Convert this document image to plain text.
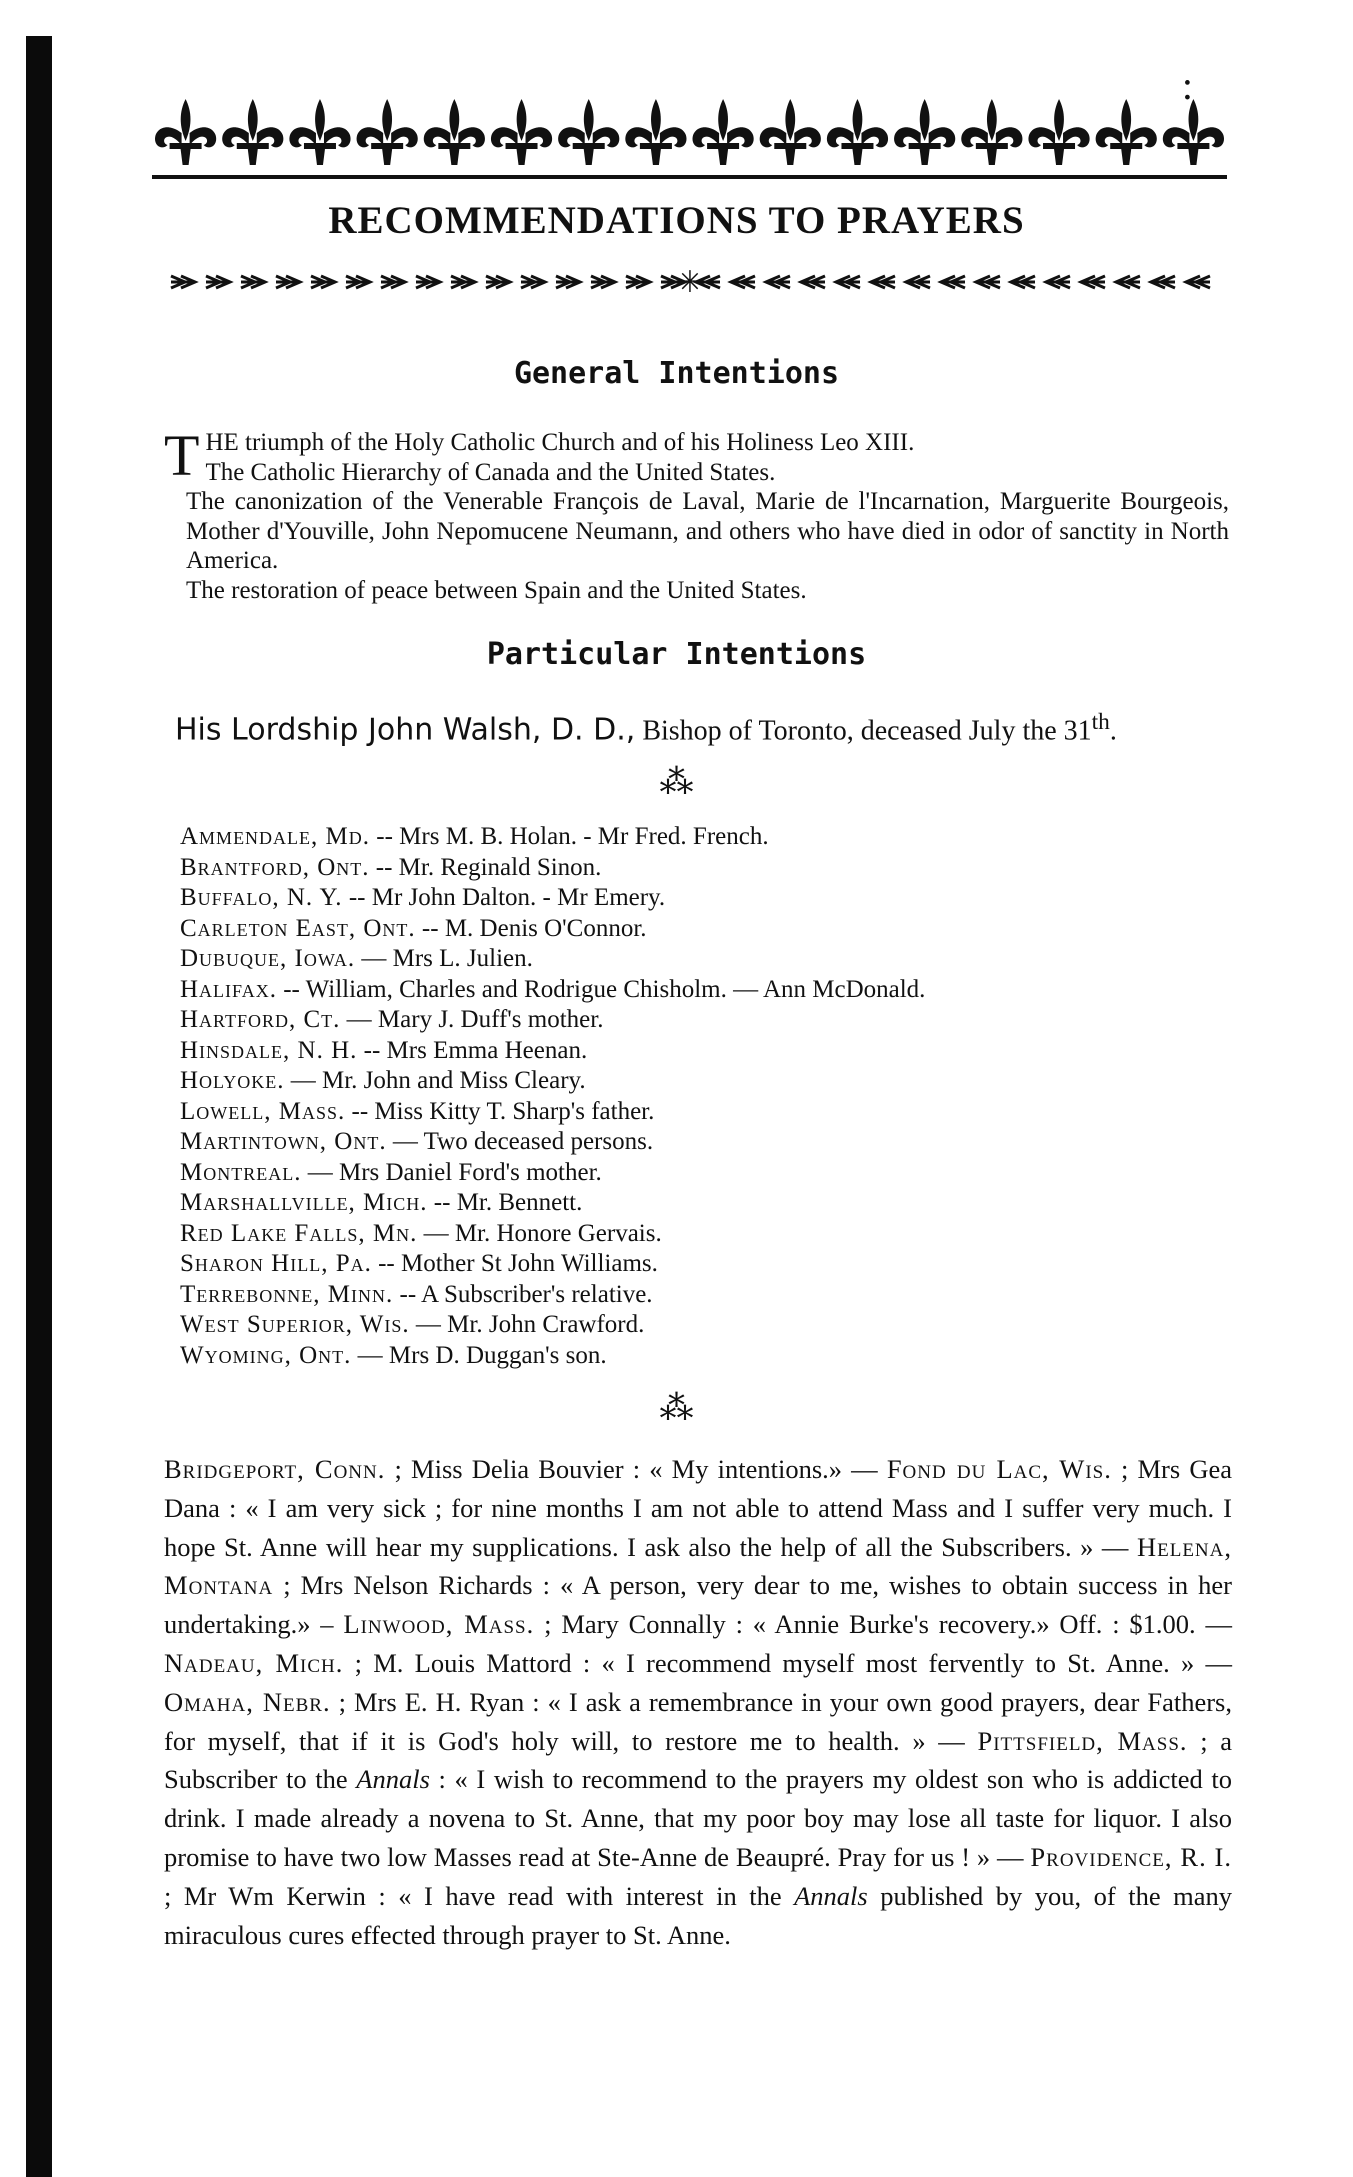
:
RECOMMENDATIONS TO PRAYERS
✳
General Intentions

THE triumph of the Holy Catholic Church and of his Holiness Leo XIII.

The Catholic Hierarchy of Canada and the United States.

The canonization of the Venerable François de Laval, Marie de l'Incarnation, Marguerite Bourgeois, Mother d'Youville, John Nepomucene Neumann, and others who have died in odor of sanctity in North America.

The restoration of peace between Spain and the United States.

Particular Intentions
His Lordship John Walsh, D. D., Bishop of Toronto, deceased July the 31th.
⁂
Ammendale, Md. -- Mrs M. B. Holan. - Mr Fred. French.
Brantford, Ont. -- Mr. Reginald Sinon.
Buffalo, N. Y. -- Mr John Dalton. - Mr Emery.
Carleton East, Ont. -- M. Denis O'Connor.
Dubuque, Iowa. — Mrs L. Julien.
Halifax. -- William, Charles and Rodrigue Chisholm. — Ann McDonald.
Hartford, Ct. — Mary J. Duff's mother.
Hinsdale, N. H. -- Mrs Emma Heenan.
Holyoke. — Mr. John and Miss Cleary.
Lowell, Mass. -- Miss Kitty T. Sharp's father.
Martintown, Ont. — Two deceased persons.
Montreal. — Mrs Daniel Ford's mother.
Marshallville, Mich. -- Mr. Bennett.
Red Lake Falls, Mn. — Mr. Honore Gervais.
Sharon Hill, Pa. -- Mother St John Williams.
Terrebonne, Minn. -- A Subscriber's relative.
West Superior, Wis. — Mr. John Crawford.
Wyoming, Ont. — Mrs D. Duggan's son.
⁂

Bridgeport, Conn. ; Miss Delia Bouvier : « My intentions.» — Fond du Lac, Wis. ; Mrs Gea Dana : « I am very sick ; for nine months I am not able to attend Mass and I suffer very much. I hope St. Anne will hear my supplications. I ask also the help of all the Subscribers. » — Helena, Montana ; Mrs Nelson Richards : « A person, very dear to me, wishes to obtain success in her undertaking.» – Linwood, Mass. ; Mary Connally : « Annie Burke's recovery.» Off. : $1.00. —Nadeau, Mich. ; M. Louis Mattord : « I recommend myself most fervently to St. Anne. » — Omaha, Nebr. ; Mrs E. H. Ryan : « I ask a remembrance in your own good prayers, dear Fathers, for myself, that if it is God's holy will, to restore me to health. » — Pittsfield, Mass. ; a Subscriber to the Annals : « I wish to recommend to the prayers my oldest son who is addicted to drink. I made already a novena to St. Anne, that my poor boy may lose all taste for liquor. I also promise to have two low Masses read at Ste-Anne de Beaupré. Pray for us ! » — Providence, R. I. ; Mr Wm Kerwin : « I have read with interest in the Annals published by you, of the many miraculous cures effected through prayer to St. Anne.
